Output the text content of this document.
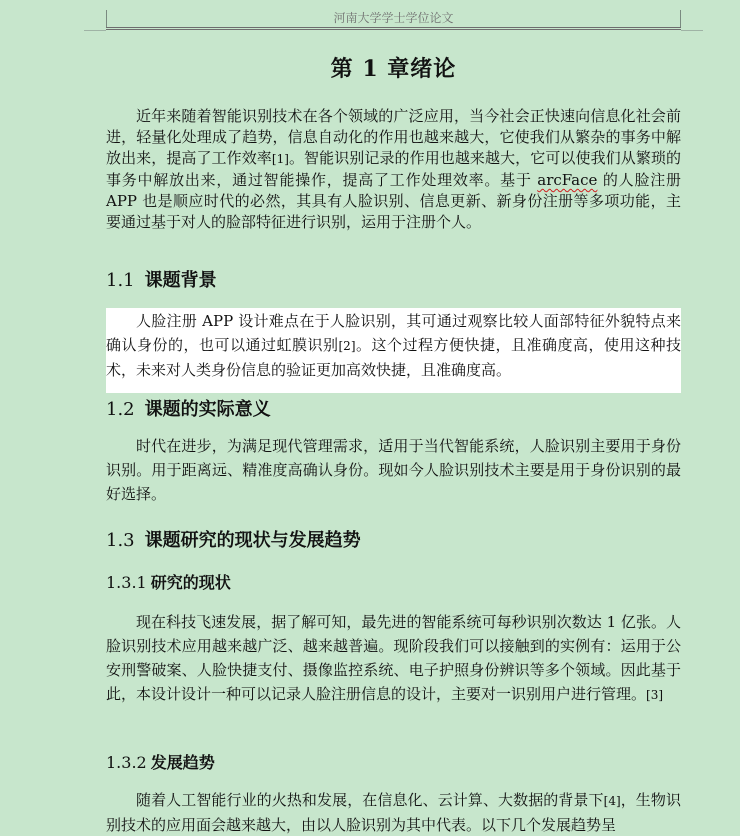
河南大学学士学位论文
第 1 章绪论
近年来随着智能识别技术在各个领域的广泛应用，当今社会正快速向信息化社会前进，轻量化处理成了趋势，信息自动化的作用也越来越大，它使我们从繁杂的事务中解放出来，提高了工作效率[1]。智能识别记录的作用也越来越大，它可以使我们从繁琐的事务中解放出来，通过智能操作，提高了工作处理效率。基于 arcFace 的人脸注册 APP 也是顺应时代的必然，其具有人脸识别、信息更新、新身份注册等多项功能，主要通过基于对人的脸部特征进行识别，运用于注册个人。
1.1 课题背景
人脸注册 APP 设计难点在于人脸识别，其可通过观察比较人面部特征外貌特点来确认身份的，也可以通过虹膜识别[2]。这个过程方便快捷，且准确度高，使用这种技术，未来对人类身份信息的验证更加高效快捷，且准确度高。
1.2 课题的实际意义
时代在进步，为满足现代管理需求，适用于当代智能系统，人脸识别主要用于身份识别。用于距离远、精准度高确认身份。现如今人脸识别技术主要是用于身份识别的最好选择。
1.3 课题研究的现状与发展趋势
1.3.1 研究的现状
现在科技飞速发展，据了解可知，最先进的智能系统可每秒识别次数达 1 亿张。人脸识别技术应用越来越广泛、越来越普遍。现阶段我们可以接触到的实例有：运用于公安刑警破案、人脸快捷支付、摄像监控系统、电子护照身份辨识等多个领域。因此基于此，本设计设计一种可以记录人脸注册信息的设计，主要对一识别用户进行管理。[3]
1.3.2 发展趋势
随着人工智能行业的火热和发展，在信息化、云计算、大数据的背景下[4]，生物识别技术的应用面会越来越大，由以人脸识别为其中代表。以下几个发展趋势呈
